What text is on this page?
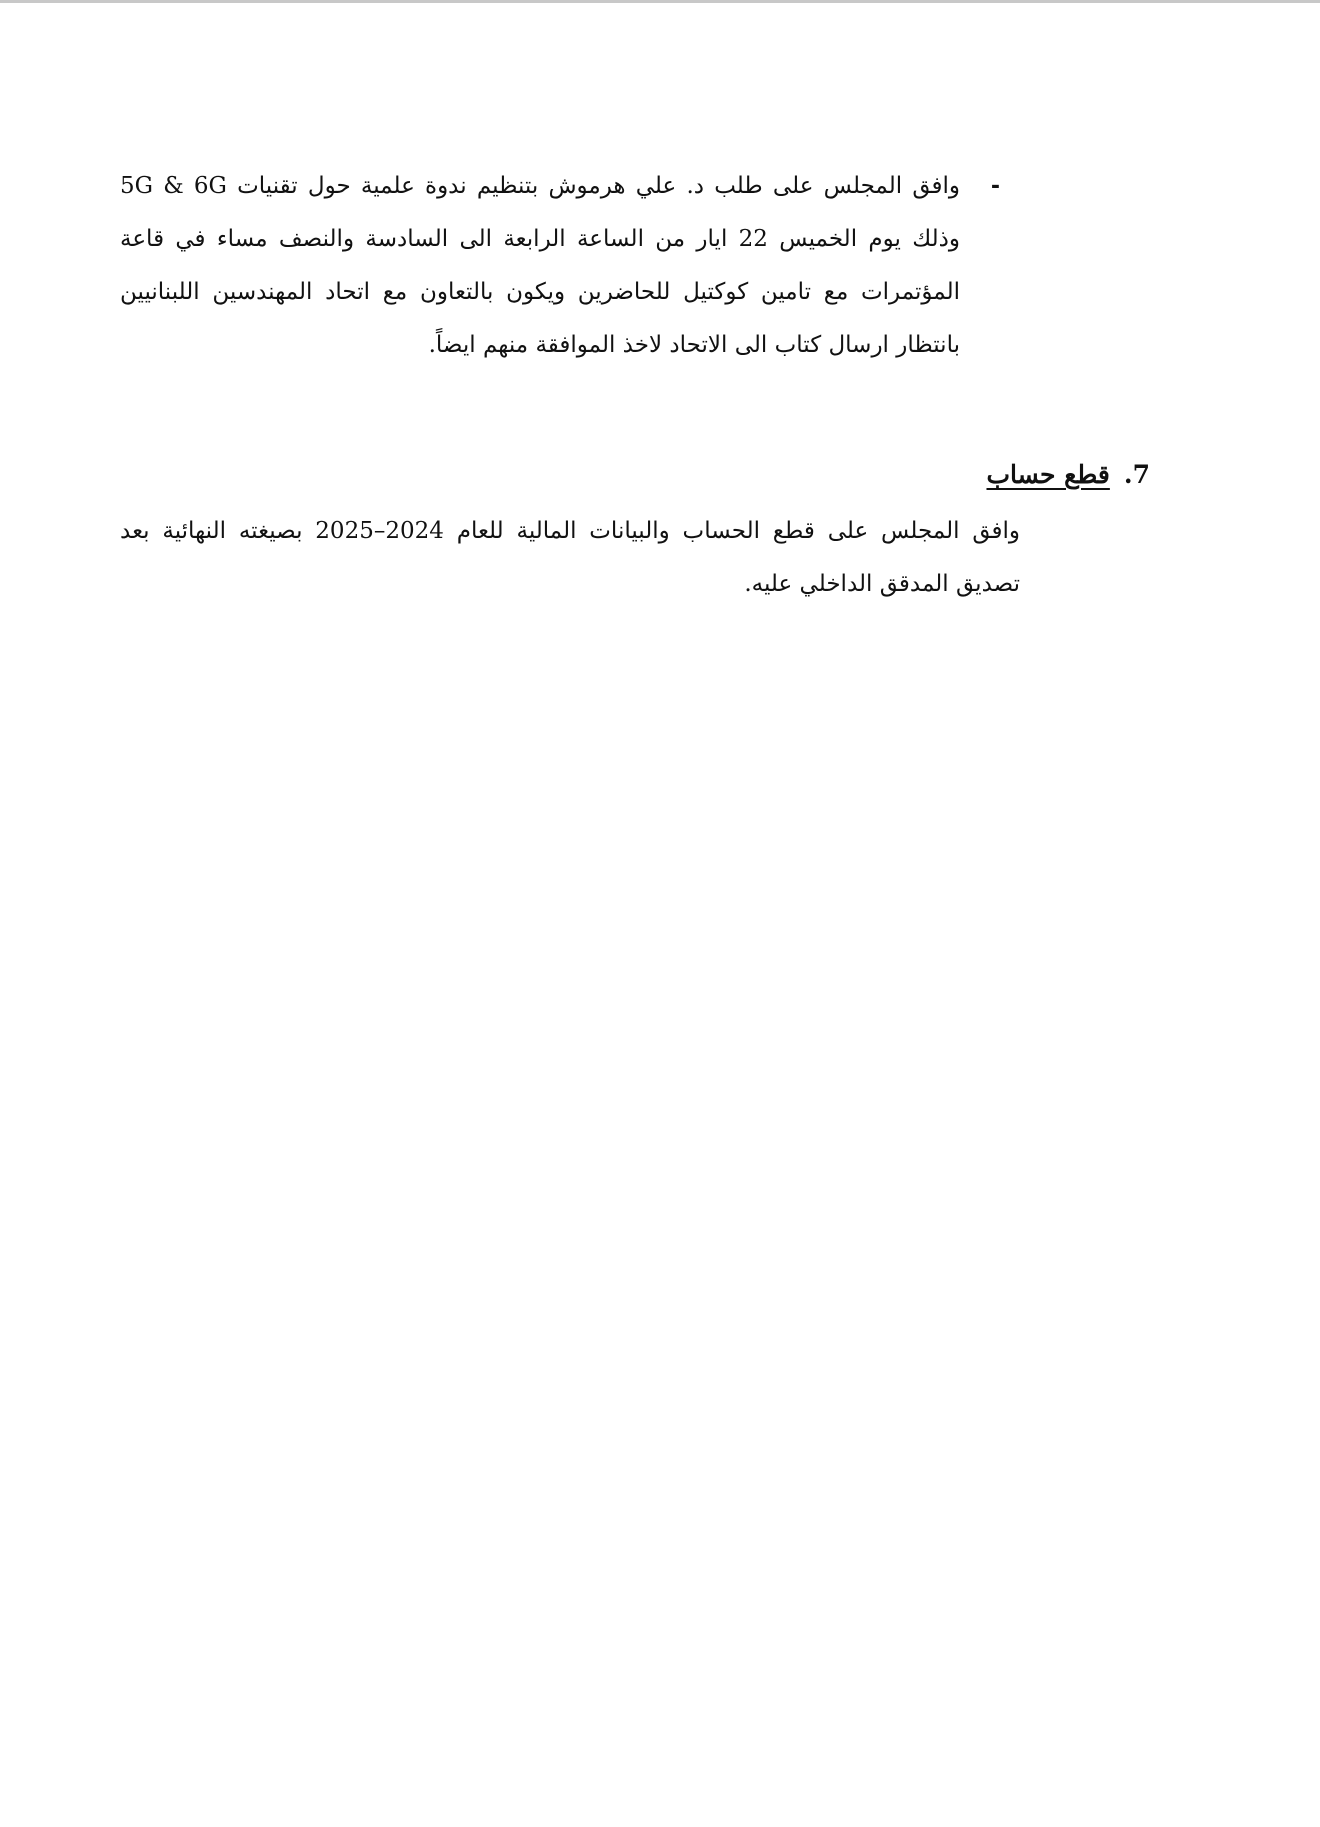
-
وافق المجلس على طلب د. علي هرموش بتنظيم ندوة علمية حول تقنيات 5G & 6G
وذلك يوم الخميس 22 ايار من الساعة الرابعة الى السادسة والنصف مساء في قاعة
المؤتمرات مع تامين كوكتيل للحاضرين ويكون بالتعاون مع اتحاد المهندسين اللبنانيين
بانتظار ارسال كتاب الى الاتحاد لاخذ الموافقة منهم ايضاً.
7.قطع حساب
وافق المجلس على قطع الحساب والبيانات المالية للعام 2024–2025 بصيغته النهائية بعد
تصديق المدقق الداخلي عليه.
